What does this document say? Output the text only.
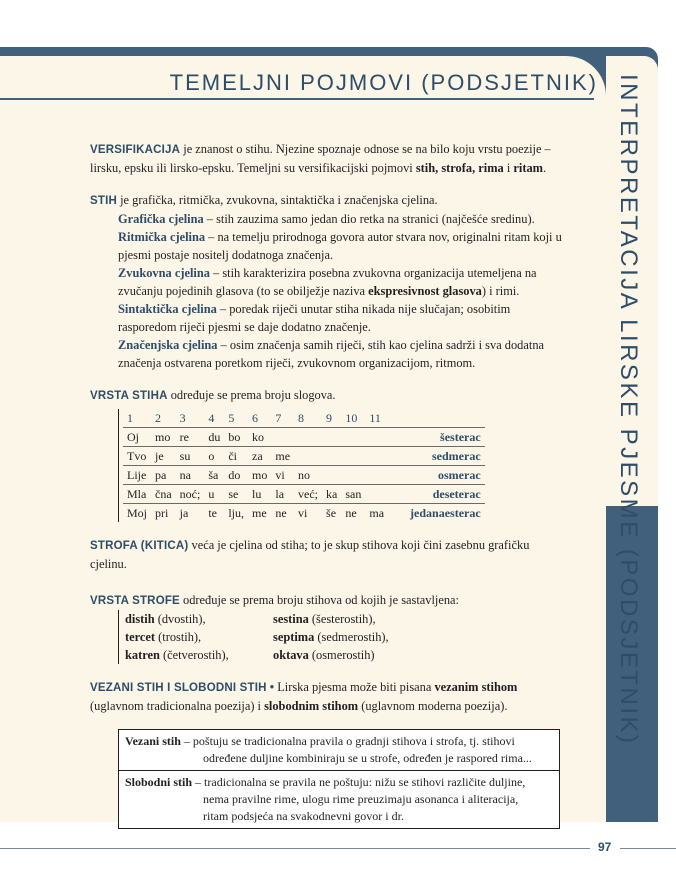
INTERPRETACIJA LIRSKE PJESME (PODSJETNIK)
TEMELJNI POJMOVI (PODSJETNIK)

VERSIFIKACIJA je znanost o stihu. Njezine spoznaje odnose se na bilo koju vrstu poezije – lirsku, epsku ili lirsko-epsku. Temeljni su versifikacijski pojmovi stih, strofa, rima i ritam.

STIH je grafička, ritmička, zvukovna, sintaktička i značenjska cjelina.

Grafička cjelina – stih zauzima samo jedan dio retka na stranici (najčešće sredinu).

Ritmička cjelina – na temelju prirodnoga govora autor stvara nov, originalni ritam koji u pjesmi postaje nositelj dodatnoga značenja.

Zvukovna cjelina – stih karakterizira posebna zvukovna organizacija utemeljena na zvučanju pojedinih glasova (to se obilježje naziva ekspresivnost glasova) i rimi.

Sintaktička cjelina – poredak riječi unutar stiha nikada nije slučajan; osobitim rasporedom riječi pjesmi se daje dodatno značenje.

Značenjska cjelina – osim značenja samih riječi, stih kao cjelina sadrži i sva dodatna značenja ostvarena poretkom riječi, zvukovnom organizacijom, ritmom.

VRSTA STIHA određuje se prema broju slogova.

1	2	3	4	5	6	7	8	9	10	11		
Oj	mo	re	du	bo	ko							šesterac
Tvo	je	su	o	či	za	me						sedmerac
Lije	pa	na	ša	do	mo	vi	no					osmerac
Mla	čna	noć;	u	se	lu	la	već;	ka	san			deseterac
Moj	pri	ja	te	lju,	me	ne	vi	še	ne	ma		jedanaesterac

STROFA (KITICA) veća je cjelina od stiha; to je skup stihova koji čini zasebnu grafičku cjelinu.

VRSTA STROFE određuje se prema broju stihova od kojih je sastavljena:

distih (dvostih),	sestina (šesterostih),
tercet (trostih),	septima (sedmerostih),
katren (četverostih),	oktava (osmerostih)

VEZANI STIH I SLOBODNI STIH • Lirska pjesma može biti pisana vezanim stihom (uglavnom tradicionalna poezija) i slobodnim stihom (uglavnom moderna poezija).

Vezani stih – poštuju se tradicionalna pravila o gradnji stihova i strofa, tj. stihovi
određene duljine kombiniraju se u strofe, određen je raspored rima...
Slobodni stih – tradicionalna se pravila ne poštuju: nižu se stihovi različite duljine,
nema pravilne rime, ulogu rime preuzimaju asonanca i aliteracija,
ritam podsjeća na svakodnevni govor i dr.
97
